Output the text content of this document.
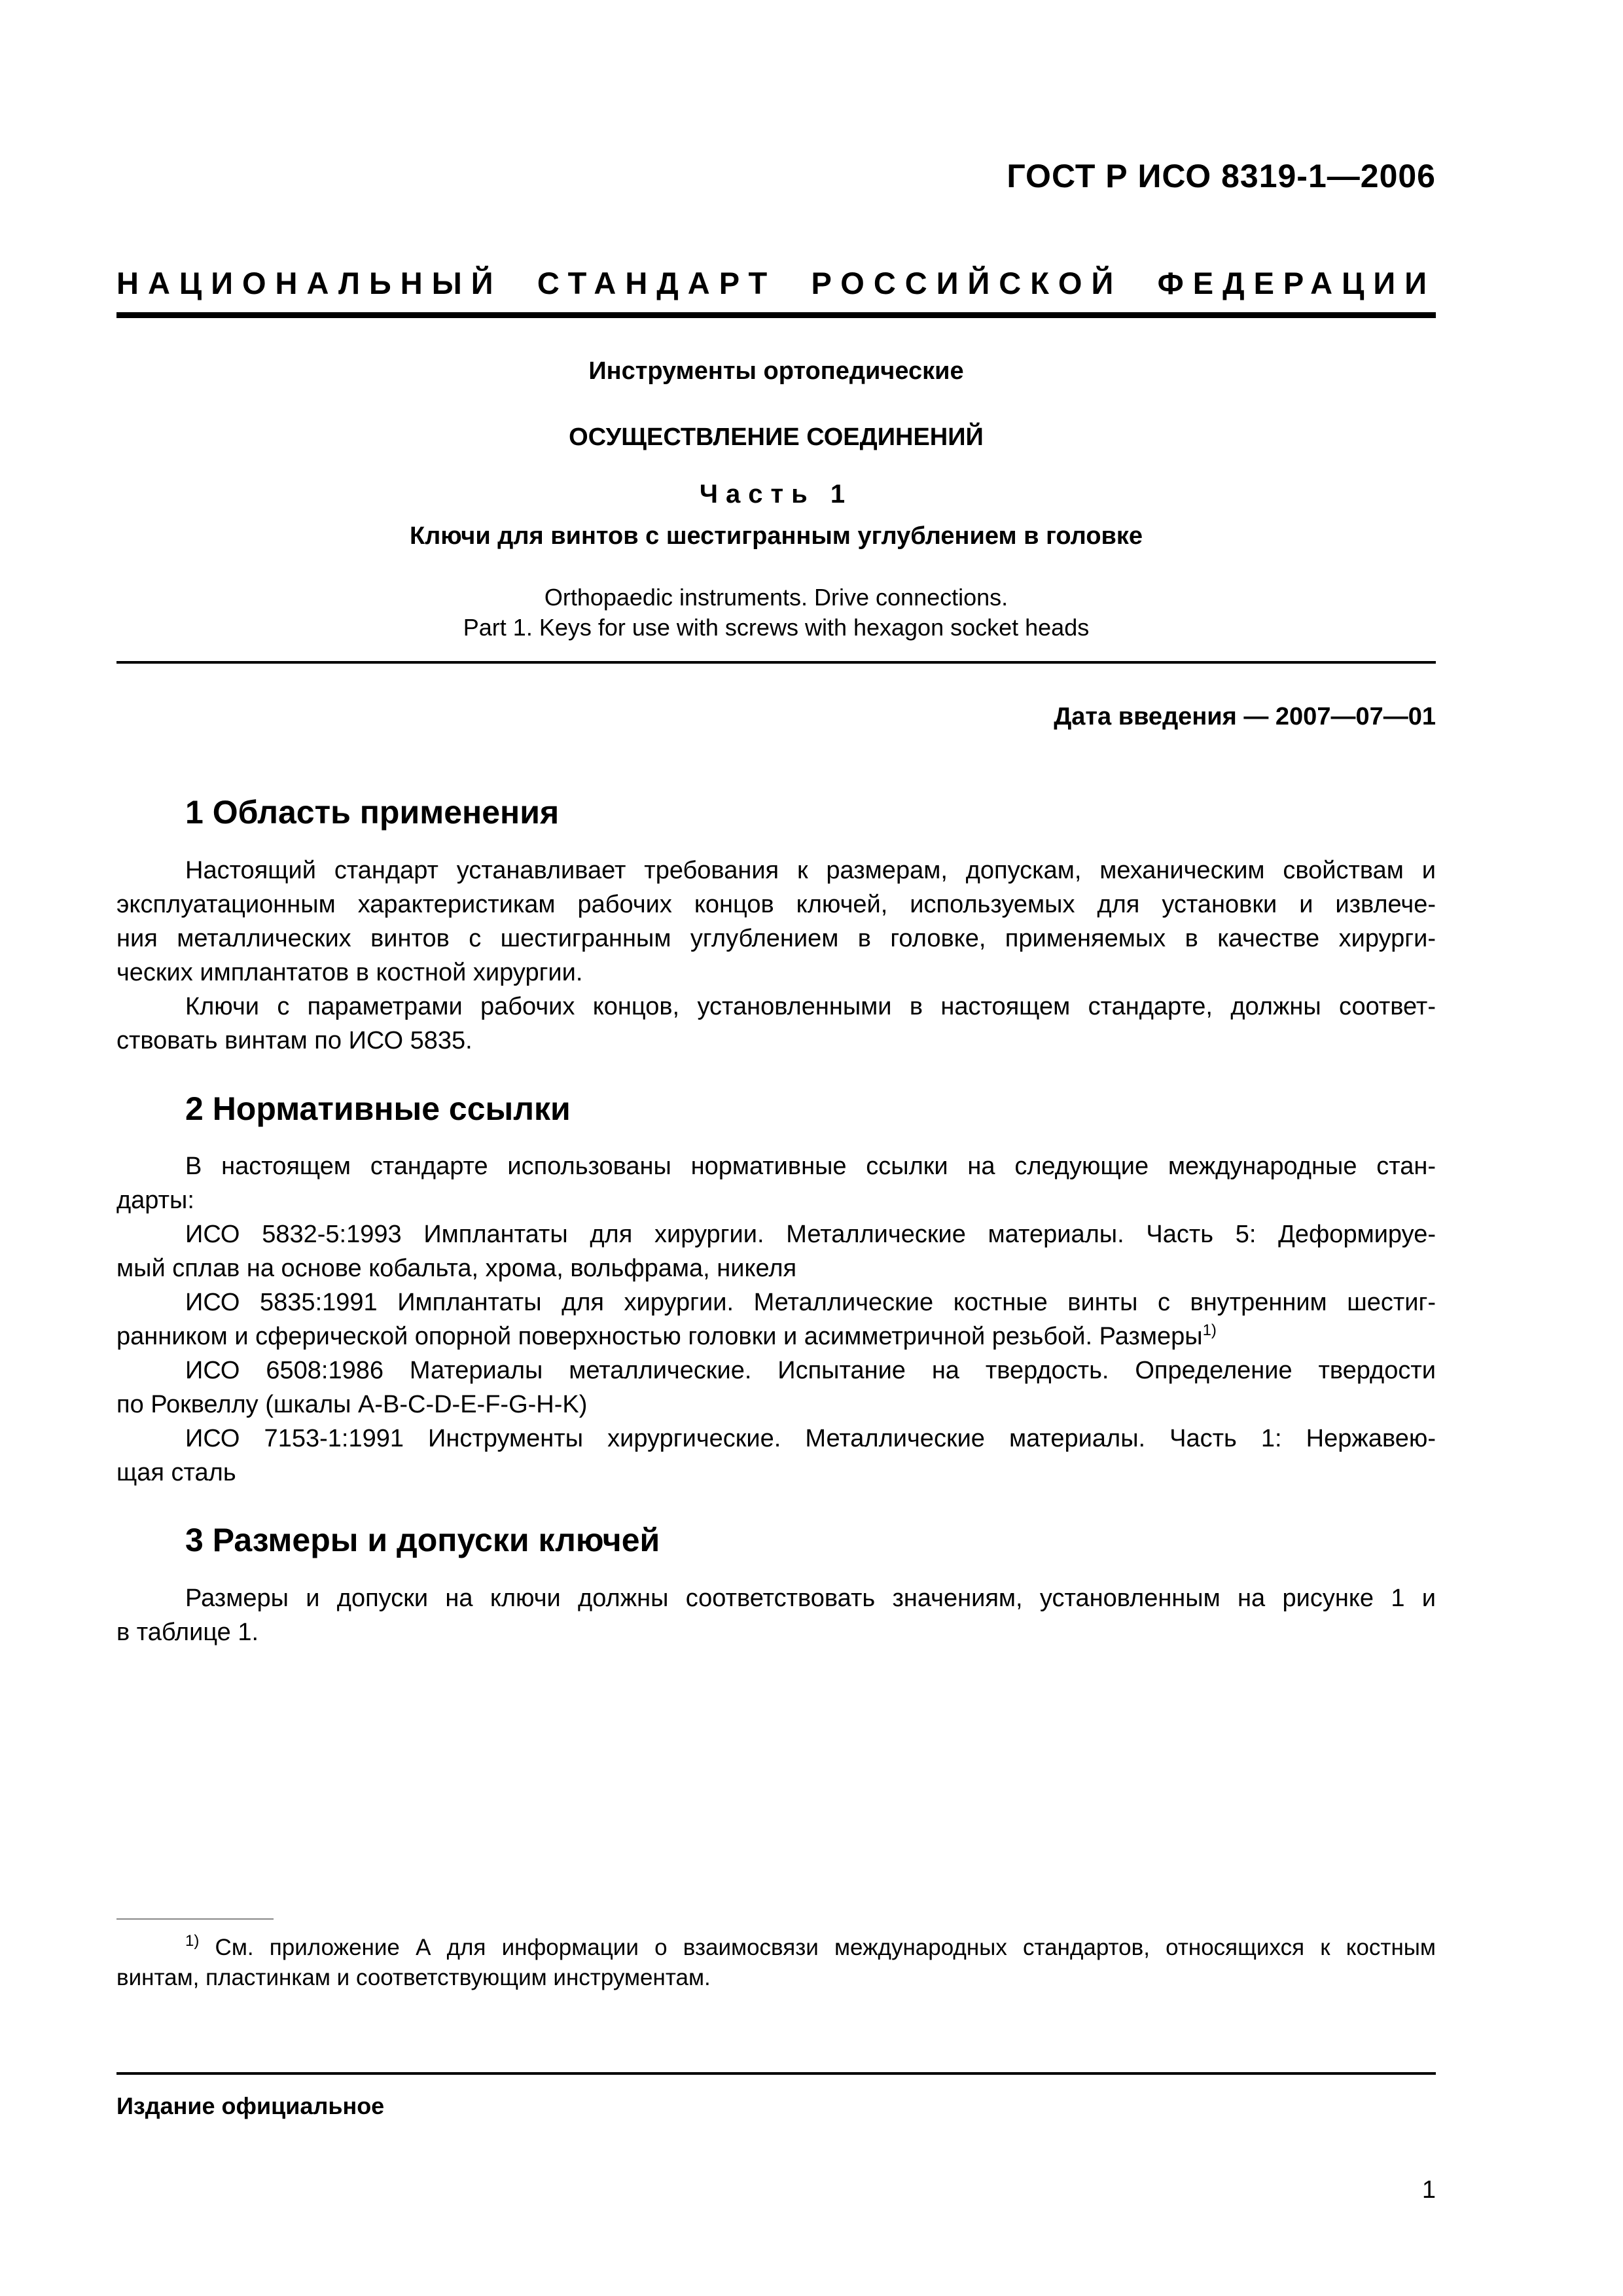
ГОСТ Р ИСО 8319-1—2006
НАЦИОНАЛЬНЫЙ СТАНДАРТ РОССИЙСКОЙ ФЕДЕРАЦИИ
Инструменты ортопедические
ОСУЩЕСТВЛЕНИЕ СОЕДИНЕНИЙ
Часть 1
Ключи для винтов с шестигранным углублением в головке
Orthopaedic instruments. Drive connections.
Part 1. Keys for use with screws with hexagon socket heads
Дата введения — 2007—07—01
1 Область применения
Настоящий стандарт устанавливает требования к размерам, допускам, механическим свойствам и
эксплуатационным характеристикам рабочих концов ключей, используемых для установки и извлече-
ния металлических винтов с шестигранным углублением в головке, применяемых в качестве хирурги-
ческих имплантатов в костной хирургии.
Ключи с параметрами рабочих концов, установленными в настоящем стандарте, должны соответ-
ствовать винтам по ИСО 5835.
2 Нормативные ссылки
В настоящем стандарте использованы нормативные ссылки на следующие международные стан-
дарты:
ИСО 5832-5:1993 Имплантаты для хирургии. Металлические материалы. Часть 5: Деформируе-
мый сплав на основе кобальта, хрома, вольфрама, никеля
ИСО 5835:1991 Имплантаты для хирургии. Металлические костные винты с внутренним шестиг-
ранником и сферической опорной поверхностью головки и асимметричной резьбой. Размеры$^{1)}$
ИСО 6508:1986 Материалы металлические. Испытание на твердость. Определение твердости
по Роквеллу (шкалы A-B-C-D-E-F-G-H-K)
ИСО 7153-1:1991 Инструменты хирургические. Металлические материалы. Часть 1: Нержавею-
щая сталь
3 Размеры и допуски ключей
Размеры и допуски на ключи должны соответствовать значениям, установленным на рисунке 1 и
в таблице 1.
$^{1)}$ См. приложение А для информации о взаимосвязи международных стандартов, относящихся к костным
винтам, пластинкам и соответствующим инструментам.
Издание официальное
1
